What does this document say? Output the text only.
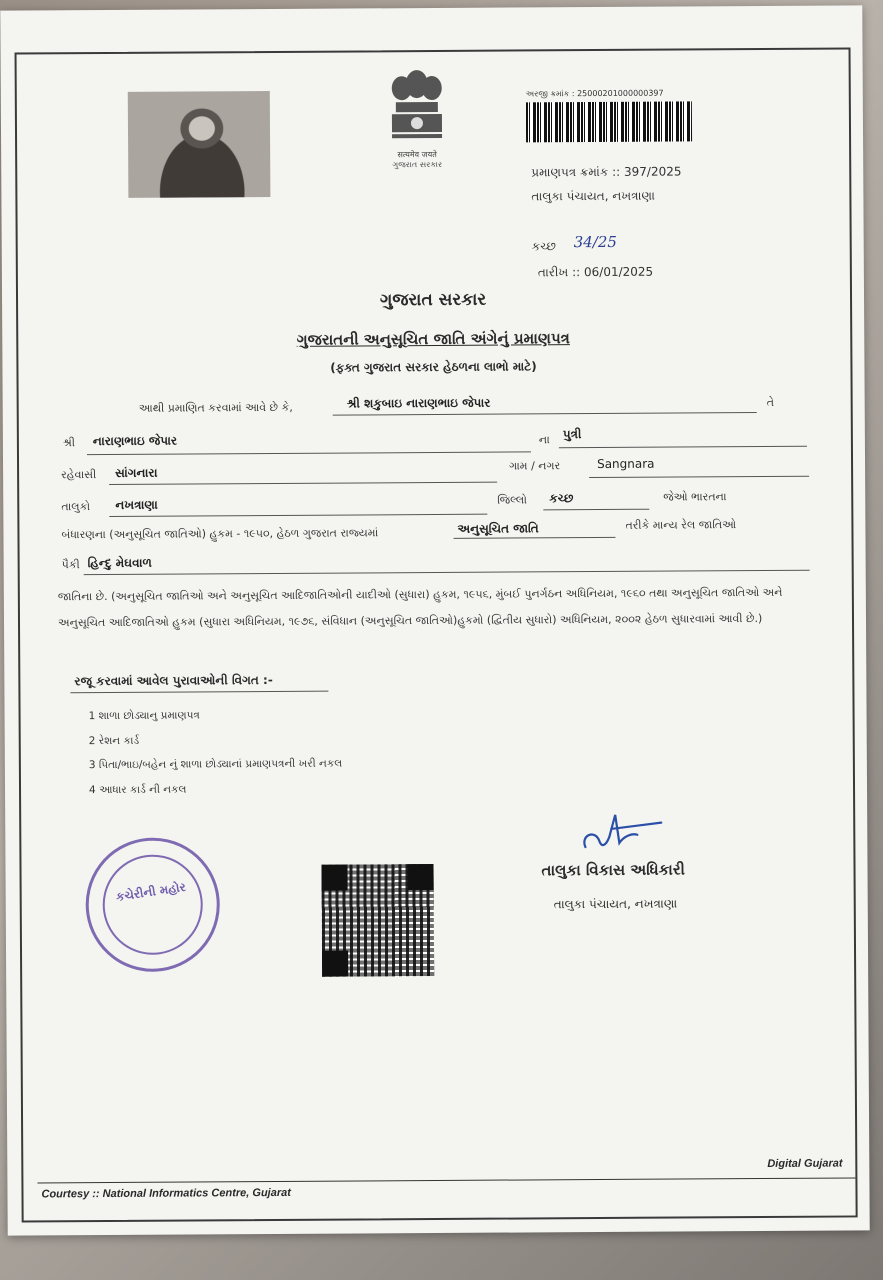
सत्यमेव जयते
ગુજરાત સરકાર
અરજી ક્રમાંક : 25000201000000397
પ્રમાણપત્ર ક્રમાંક :: 397/2025
તાલુકા પંચાયત, નખત્રાણા
કચ્છ 34/25
તારીખ :: 06/01/2025
ગુજરાત સરકાર
ગુજરાતની અનુસૂચિત જાતિ અંગેનું પ્રમાણપત્ર
(ફક્ત ગુજરાત સરકાર હેઠળના લાભો માટે)
આથી પ્રમાણિત કરવામાં આવે છે કે,	શ્રી શકુબાઇ નારાણભાઇ જેપાર	તે
શ્રી નારાણભાઇ જેપાર	ના પુત્રી
રહેવાસી સાંગનારા	ગામ / નગર	Sangnara
તાલુકો નખત્રાણા	જિલ્લો કચ્છ	જેઓ ભારતના
બંધારણના (અનુસૂચિત જાતિઓ) હુકમ - ૧૯૫૦, હેઠળ ગુજરાત રાજ્યમાં	અનુસૂચિત જાતિ	તરીકે માન્ય રેલ જાતિઓ
પૈકી હિન્દુ મેઘવાળ
જાતિના છે. (અનુસૂચિત જાતિઓ અને અનુસૂચિત આદિજાતિઓની યાદીઓ (સુધારા) હુકમ, ૧૯૫૬, મુંબઈ પુનર્ગઠન અધિનિયમ, ૧૯૬૦ તથા અનુસૂચિત જાતિઓ અને અનુસૂચિત આદિજાતિઓ હુકમ (સુધારા અધિનિયમ, ૧૯૭૬, સંવિધાન (અનુસૂચિત જાતિઓ)હુકમો (દ્વિતીય સુધારો) અધિનિયમ, ૨૦૦૨ હેઠળ સુધારવામાં આવી છે.)
રજૂ કરવામાં આવેલ પુરાવાઓની વિગત :-
1 શાળા છોડ્યાનુ પ્રમાણપત્ર
2 રેશન કાર્ડ
3 પિતા/ભાઇ/બહેન નું શાળા છોડ્યાનાં પ્રમાણપત્રની ખરી નકલ
4 આધાર કાર્ડ ની નકલ
કચેરીની મહોર
તાલુકા વિકાસ અધિકારી
તાલુકા પંચાયત, નખત્રાણા
Digital Gujarat
Courtesy :: National Informatics Centre, Gujarat
